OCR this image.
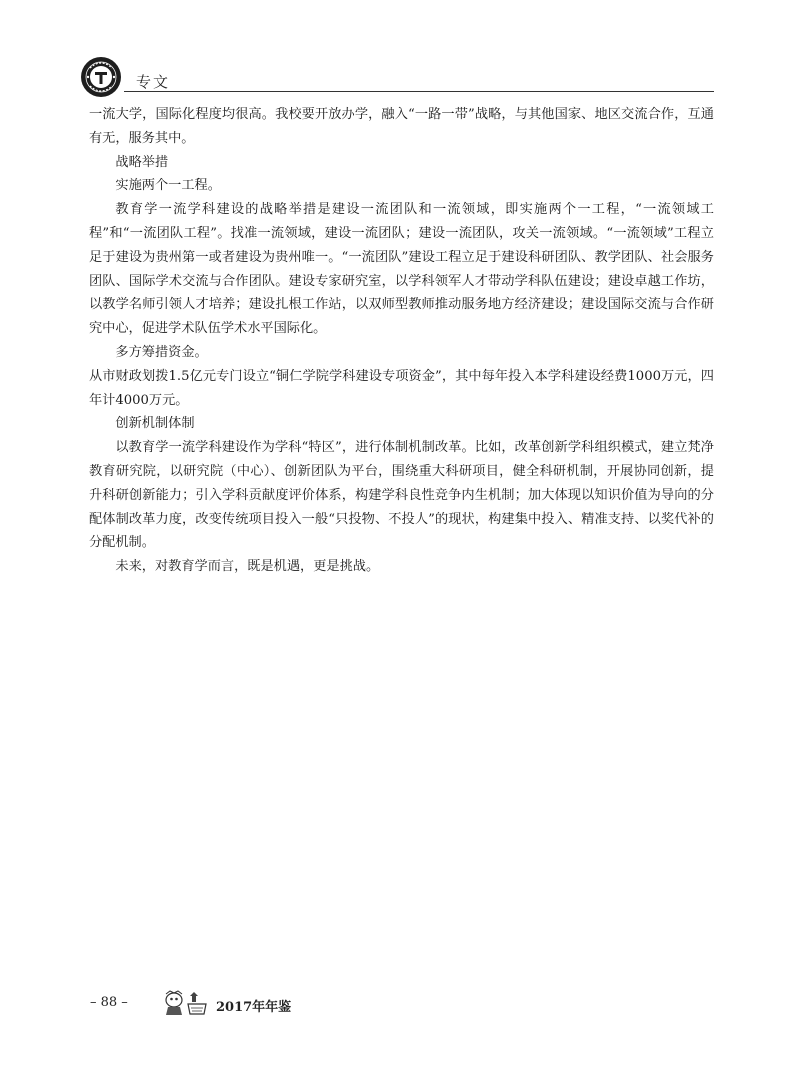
专文

一流大学，国际化程度均很高。我校要开放办学，融入“一路一带”战略，与其他国家、地区交流合作，互通有无，服务其中。

战略举措

实施两个一工程。

教育学一流学科建设的战略举措是建设一流团队和一流领域，即实施两个一工程，“一流领域工程”和“一流团队工程”。找准一流领域，建设一流团队；建设一流团队，攻关一流领域。“一流领域”工程立足于建设为贵州第一或者建设为贵州唯一。“一流团队”建设工程立足于建设科研团队、教学团队、社会服务团队、国际学术交流与合作团队。建设专家研究室，以学科领军人才带动学科队伍建设；建设卓越工作坊，以教学名师引领人才培养；建设扎根工作站，以双师型教师推动服务地方经济建设；建设国际交流与合作研究中心，促进学术队伍学术水平国际化。

多方筹措资金。

从市财政划拨1.5亿元专门设立“铜仁学院学科建设专项资金”，其中每年投入本学科建设经费1000万元，四年计4000万元。

创新机制体制

以教育学一流学科建设作为学科“特区”，进行体制机制改革。比如，改革创新学科组织模式，建立梵净教育研究院，以研究院（中心）、创新团队为平台，围绕重大科研项目，健全科研机制，开展协同创新，提升科研创新能力；引入学科贡献度评价体系，构建学科良性竞争内生机制；加大体现以知识价值为导向的分配体制改革力度，改变传统项目投入一般“只投物、不投人”的现状，构建集中投入、精准支持、以奖代补的分配机制。

未来，对教育学而言，既是机遇，更是挑战。

– 88 –	2017年年鉴
